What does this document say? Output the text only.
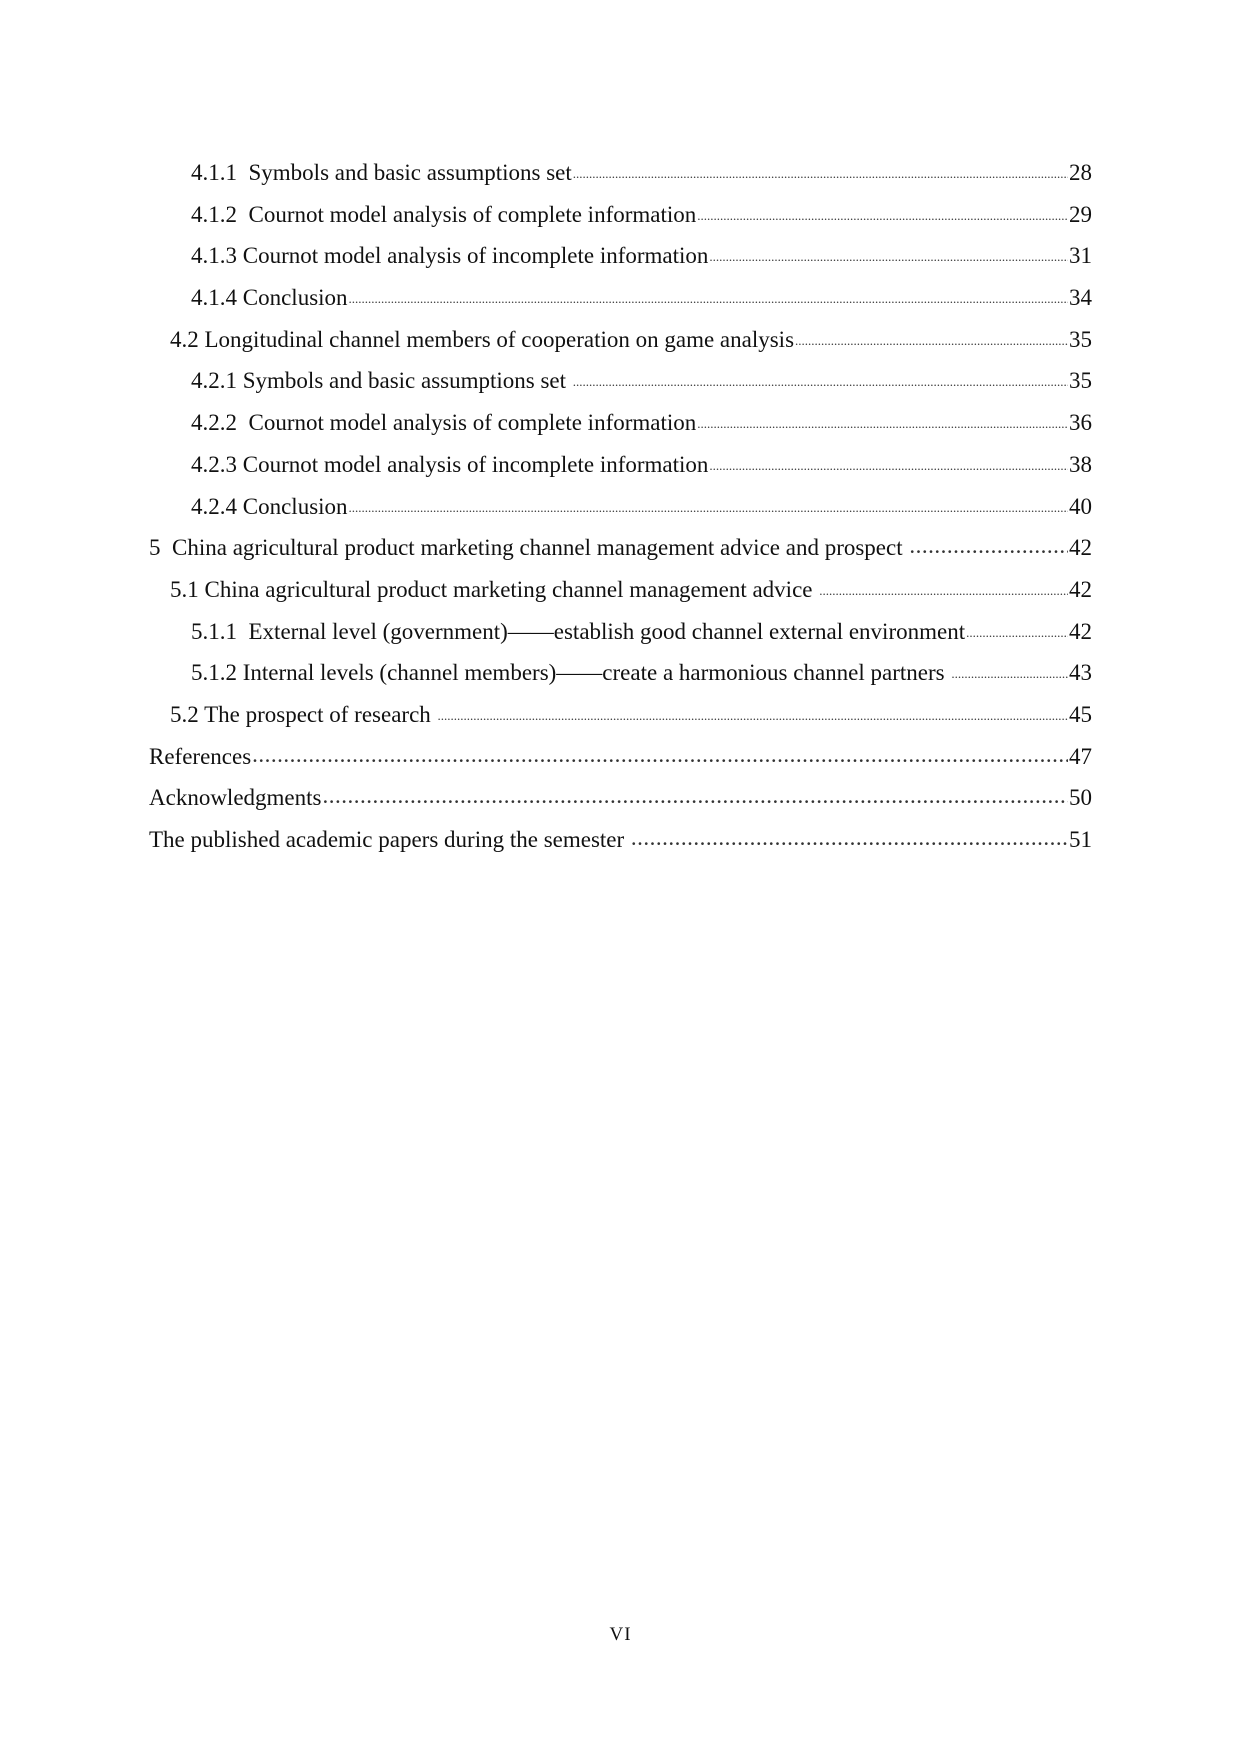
4.1.1  Symbols and basic assumptions set .....	28
4.1.2  Cournot model analysis of complete information .....	29
4.1.3 Cournot model analysis of incomplete information .....	31
4.1.4 Conclusion .....	34
4.2 Longitudinal channel members of cooperation on game analysis .....	35
4.2.1 Symbols and basic assumptions set .....	35
4.2.2  Cournot model analysis of complete information .....	36
4.2.3 Cournot model analysis of incomplete information .....	38
4.2.4 Conclusion .....	40
5  China agricultural product marketing channel management advice and prospect .....	42
5.1 China agricultural product marketing channel management advice .....	42
5.1.1  External level (government)——establish good channel external environment .....	42
5.1.2 Internal levels (channel members)——create a harmonious channel partners .....	43
5.2 The prospect of research .....	45
References .....	47
Acknowledgments .....	50
The published academic papers during the semester .....	51
VI
